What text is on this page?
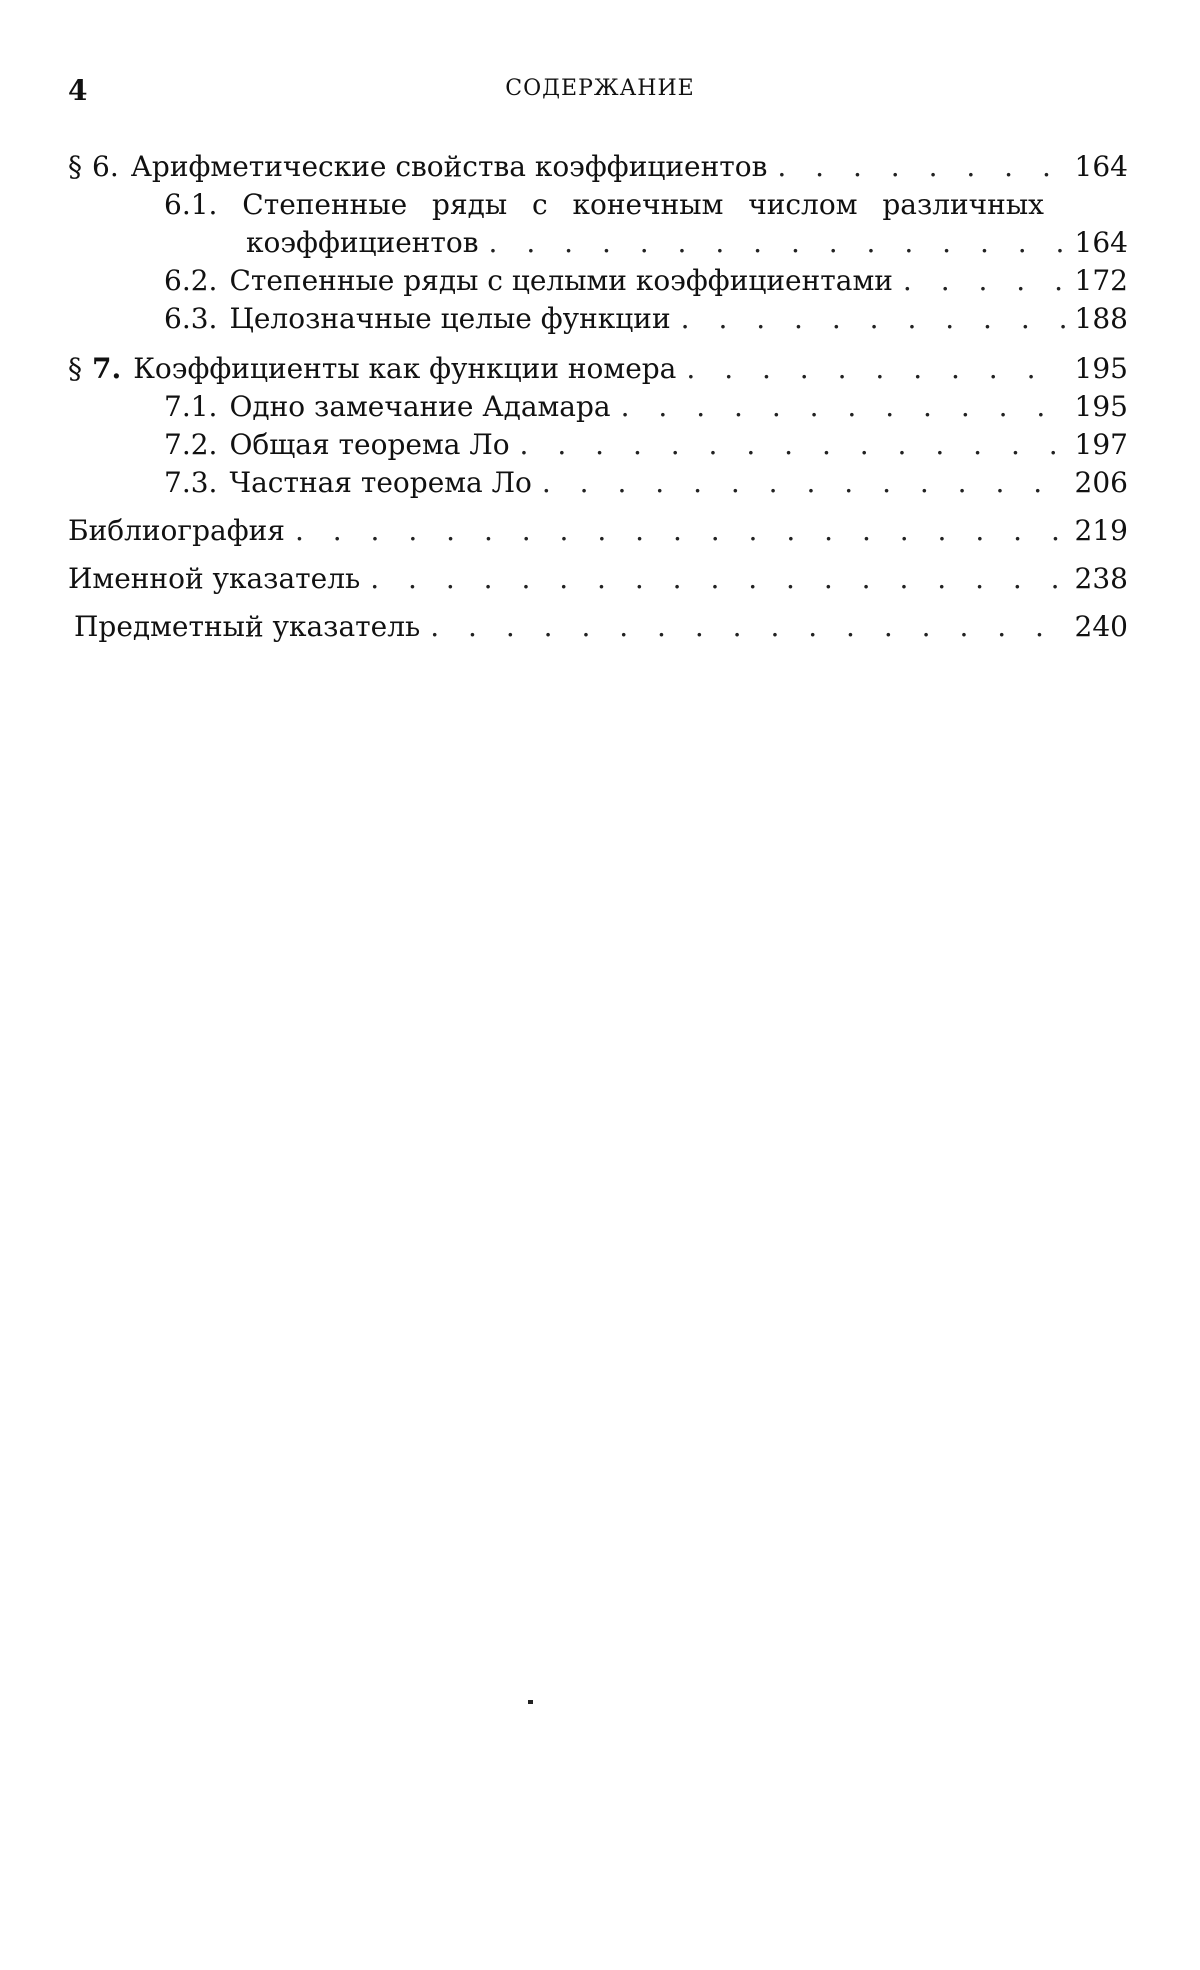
4	СОДЕРЖАНИЕ
§ 6. Арифметические свойства коэффициентов . . .	164
6.1. Степенные ряды с конечным числом различных
коэффициентов . . .	164
6.2. Степенные ряды с целыми коэффициентами . . .	172
6.3. Целозначные целые функции . . .	188
§ 7. Коэффициенты как функции номера . . .	195
7.1. Одно замечание Адамара . . .	195
7.2. Общая теорема Ло . . .	197
7.3. Частная теорема Ло . . .	206
Библиография . . .	219
Именной указатель . . .	238
Предметный указатель . . .	240
